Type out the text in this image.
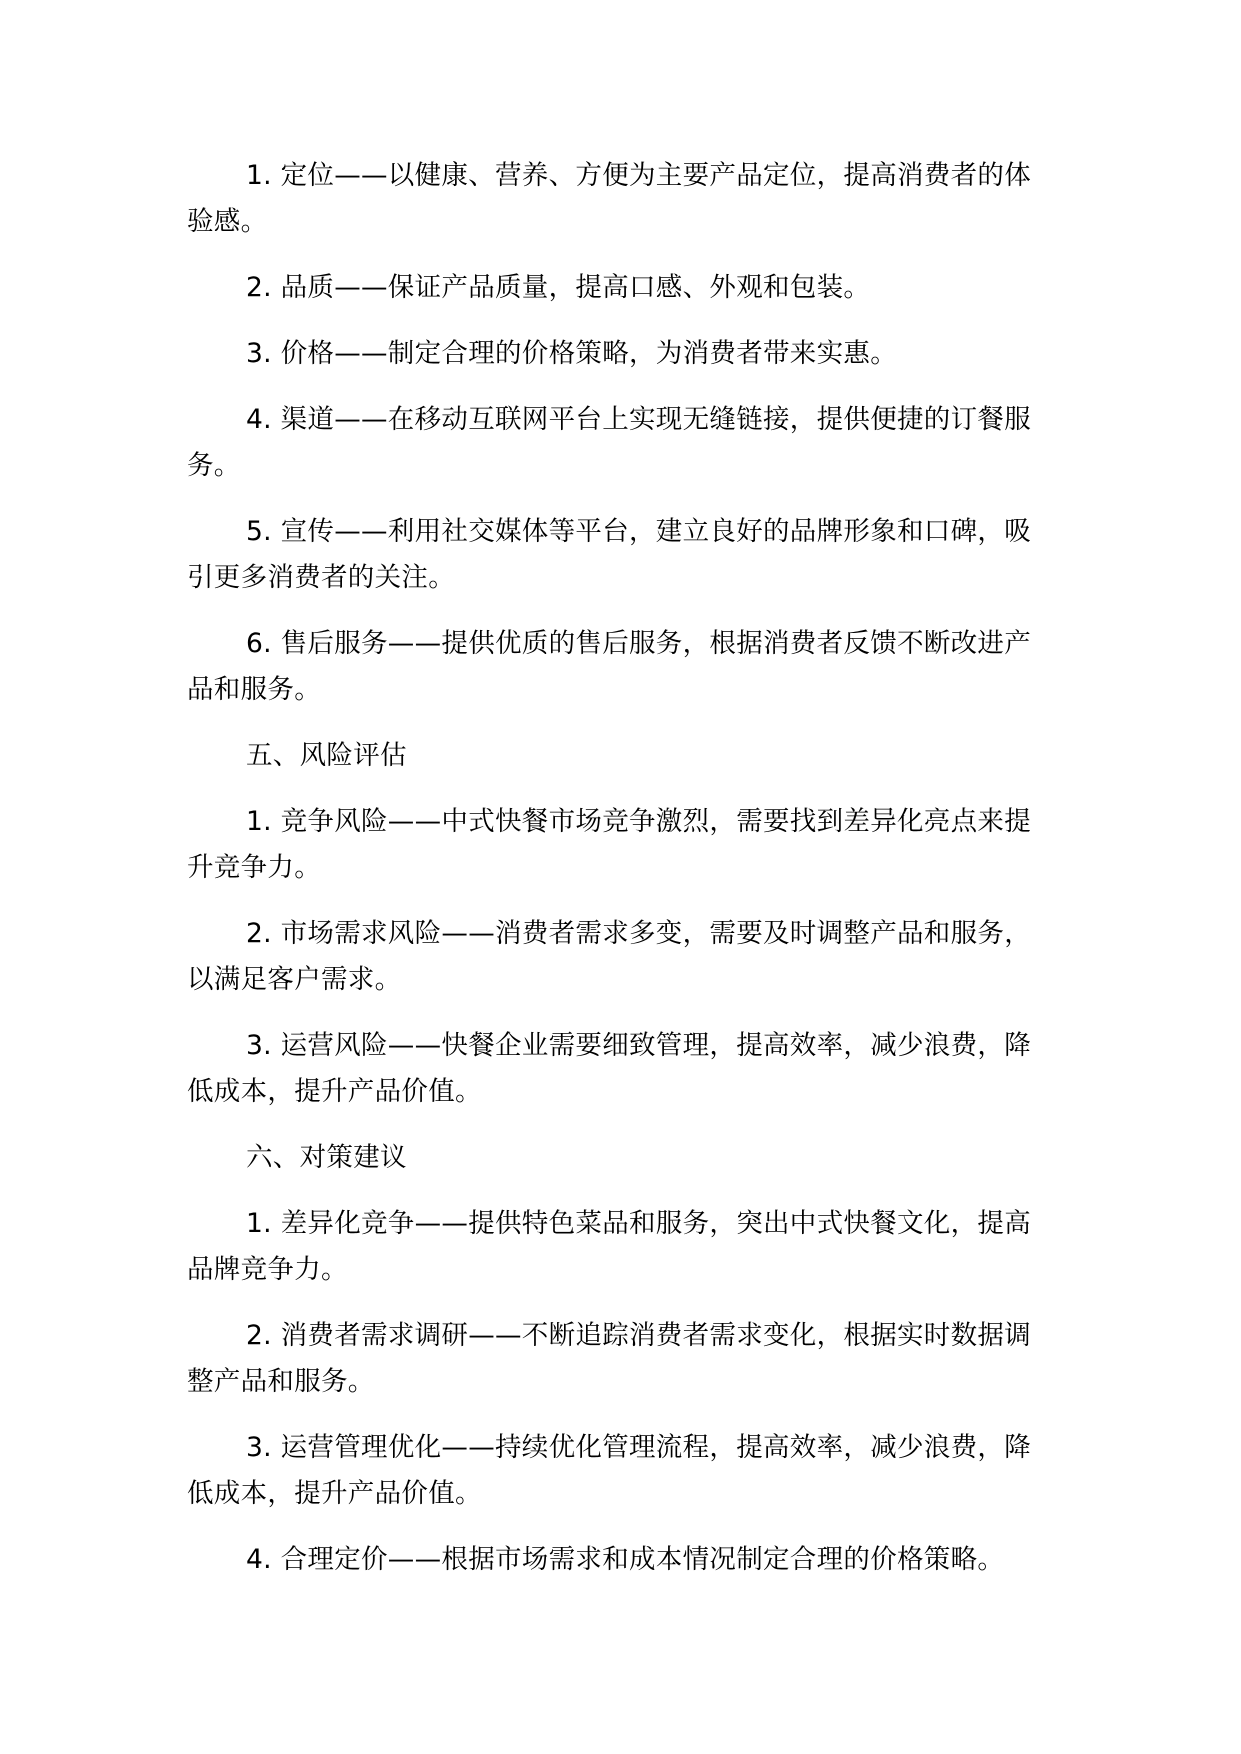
1. 定位——以健康、营养、方便为主要产品定位，提高消费者的体验感。

2. 品质——保证产品质量，提高口感、外观和包装。

3. 价格——制定合理的价格策略，为消费者带来实惠。

4. 渠道——在移动互联网平台上实现无缝链接，提供便捷的订餐服务。

5. 宣传——利用社交媒体等平台，建立良好的品牌形象和口碑，吸引更多消费者的关注。

6. 售后服务——提供优质的售后服务，根据消费者反馈不断改进产品和服务。

五、风险评估

1. 竞争风险——中式快餐市场竞争激烈，需要找到差异化亮点来提升竞争力。

2. 市场需求风险——消费者需求多变，需要及时调整产品和服务，以满足客户需求。

3. 运营风险——快餐企业需要细致管理，提高效率，减少浪费，降低成本，提升产品价值。

六、对策建议

1. 差异化竞争——提供特色菜品和服务，突出中式快餐文化，提高品牌竞争力。

2. 消费者需求调研——不断追踪消费者需求变化，根据实时数据调整产品和服务。

3. 运营管理优化——持续优化管理流程，提高效率，减少浪费，降低成本，提升产品价值。

4. 合理定价——根据市场需求和成本情况制定合理的价格策略。
